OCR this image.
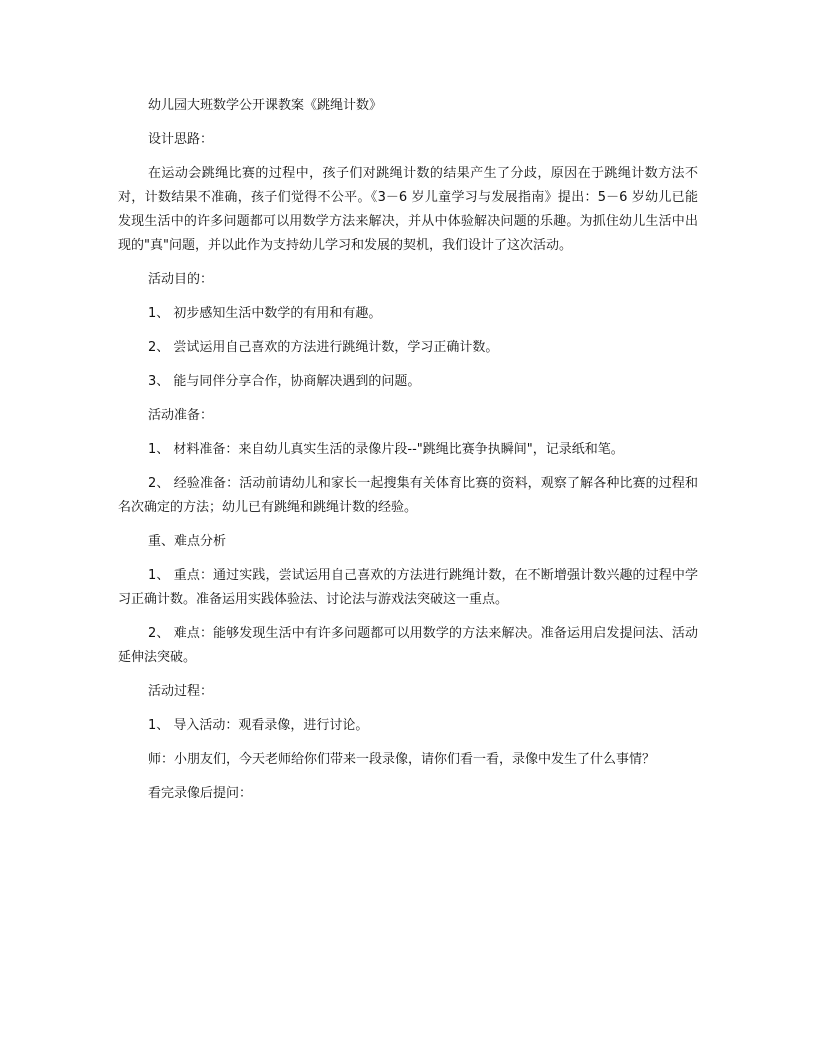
幼儿园大班数学公开课教案《跳绳计数》

设计思路：

在运动会跳绳比赛的过程中，孩子们对跳绳计数的结果产生了分歧，原因在于跳绳计数方法不对，计数结果不准确，孩子们觉得不公平。《3－6 岁儿童学习与发展指南》提出：5－6 岁幼儿已能发现生活中的许多问题都可以用数学方法来解决，并从中体验解决问题的乐趣。为抓住幼儿生活中出现的"真"问题，并以此作为支持幼儿学习和发展的契机，我们设计了这次活动。

活动目的：

1、 初步感知生活中数学的有用和有趣。

2、 尝试运用自己喜欢的方法进行跳绳计数，学习正确计数。

3、 能与同伴分享合作，协商解决遇到的问题。

活动准备：

1、 材料准备：来自幼儿真实生活的录像片段--"跳绳比赛争执瞬间"，记录纸和笔。

2、 经验准备：活动前请幼儿和家长一起搜集有关体育比赛的资料，观察了解各种比赛的过程和名次确定的方法；幼儿已有跳绳和跳绳计数的经验。

重、难点分析

1、 重点：通过实践，尝试运用自己喜欢的方法进行跳绳计数，在不断增强计数兴趣的过程中学习正确计数。准备运用实践体验法、讨论法与游戏法突破这一重点。

2、 难点：能够发现生活中有许多问题都可以用数学的方法来解决。准备运用启发提问法、活动延伸法突破。

活动过程：

1、 导入活动：观看录像，进行讨论。

师：小朋友们，今天老师给你们带来一段录像，请你们看一看，录像中发生了什么事情？

看完录像后提问：
